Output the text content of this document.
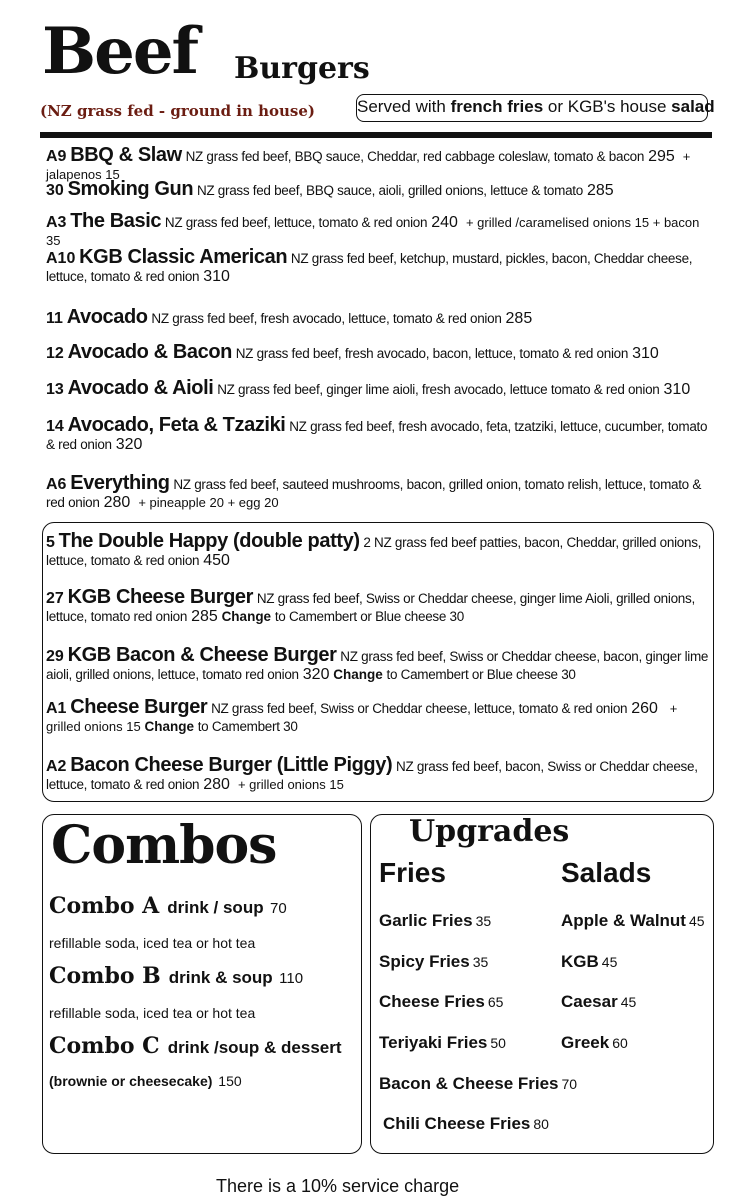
Beef Burgers
(NZ grass fed - ground in house) Served with french fries or KGB's house salad
A9 BBQ & Slaw NZ grass fed beef, BBQ sauce, Cheddar, red cabbage coleslaw, tomato & bacon 295 + jalapenos 15
30 Smoking Gun NZ grass fed beef, BBQ sauce, aioli, grilled onions, lettuce & tomato 285
A3 The Basic NZ grass fed beef, lettuce, tomato & red onion 240 + grilled /caramelised onions 15 + bacon 35
A10 KGB Classic American NZ grass fed beef, ketchup, mustard, pickles, bacon, Cheddar cheese, lettuce, tomato & red onion 310
11 Avocado NZ grass fed beef, fresh avocado, lettuce, tomato & red onion 285
12 Avocado & Bacon NZ grass fed beef, fresh avocado, bacon, lettuce, tomato & red onion 310
13 Avocado & Aioli NZ grass fed beef, ginger lime aioli, fresh avocado, lettuce tomato & red onion 310
14 Avocado, Feta & Tzaziki NZ grass fed beef, fresh avocado, feta, tzatziki, lettuce, cucumber, tomato & red onion 320
A6 Everything NZ grass fed beef, sauteed mushrooms, bacon, grilled onion, tomato relish, lettuce, tomato & red onion 280 + pineapple 20 + egg 20
5 The Double Happy (double patty) 2 NZ grass fed beef patties, bacon, Cheddar, grilled onions, lettuce, tomato & red onion 450
27 KGB Cheese Burger NZ grass fed beef, Swiss or Cheddar cheese, ginger lime Aioli, grilled onions, lettuce, tomato red onion 285 Change to Camembert or Blue cheese 30
29 KGB Bacon & Cheese Burger NZ grass fed beef, Swiss or Cheddar cheese, bacon, ginger lime aioli, grilled onions, lettuce, tomato red onion 320 Change to Camembert or Blue cheese 30
A1 Cheese Burger NZ grass fed beef, Swiss or Cheddar cheese, lettuce, tomato & red onion 260 + grilled onions 15 Change to Camembert 30
A2 Bacon Cheese Burger (Little Piggy) NZ grass fed beef, bacon, Swiss or Cheddar cheese, lettuce, tomato & red onion 280 + grilled onions 15
Combos
Combo A drink / soup 70
refillable soda, iced tea or hot tea
Combo B drink & soup 110
refillable soda, iced tea or hot tea
Combo C drink /soup & dessert
(brownie or cheesecake) 150
Upgrades
Fries	Salads
Garlic Fries 35
Spicy Fries 35
Cheese Fries 65
Teriyaki Fries 50
Bacon & Cheese Fries 70
Chili Cheese Fries 80
Apple & Walnut 45
KGB 45
Caesar 45
Greek 60
There is a 10% service charge
